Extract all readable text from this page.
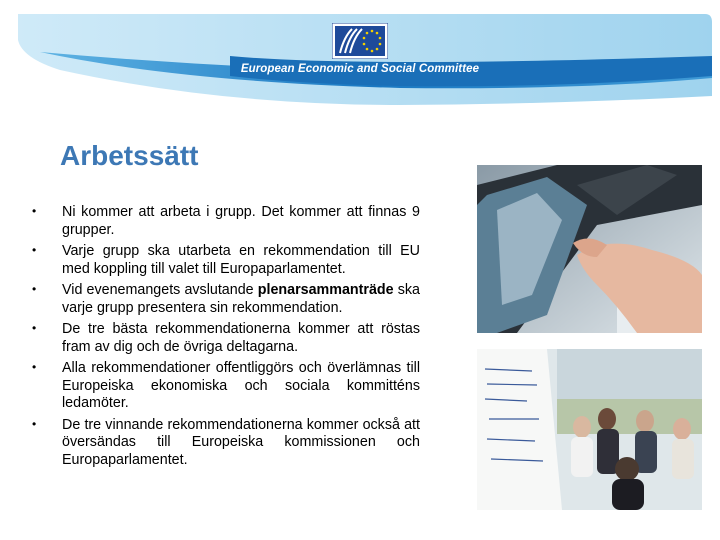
European Economic and Social Committee
Arbetssätt
• Ni kommer att arbeta i grupp. Det kommer att finnas 9 grupper.
• Varje grupp ska utarbeta en rekommendation till EU med koppling till valet till Europaparlamentet.
• Vid evenemangets avslutande plenarsammanträde ska varje grupp presentera sin rekommendation.
• De tre bästa rekommendationerna kommer att röstas fram av dig och de övriga deltagarna.
• Alla rekommendationer offentliggörs och överlämnas till Europeiska ekonomiska och sociala kommitténs ledamöter.
• De tre vinnande rekommendationerna kommer också att översändas till Europeiska kommissionen och Europaparlamentet.
